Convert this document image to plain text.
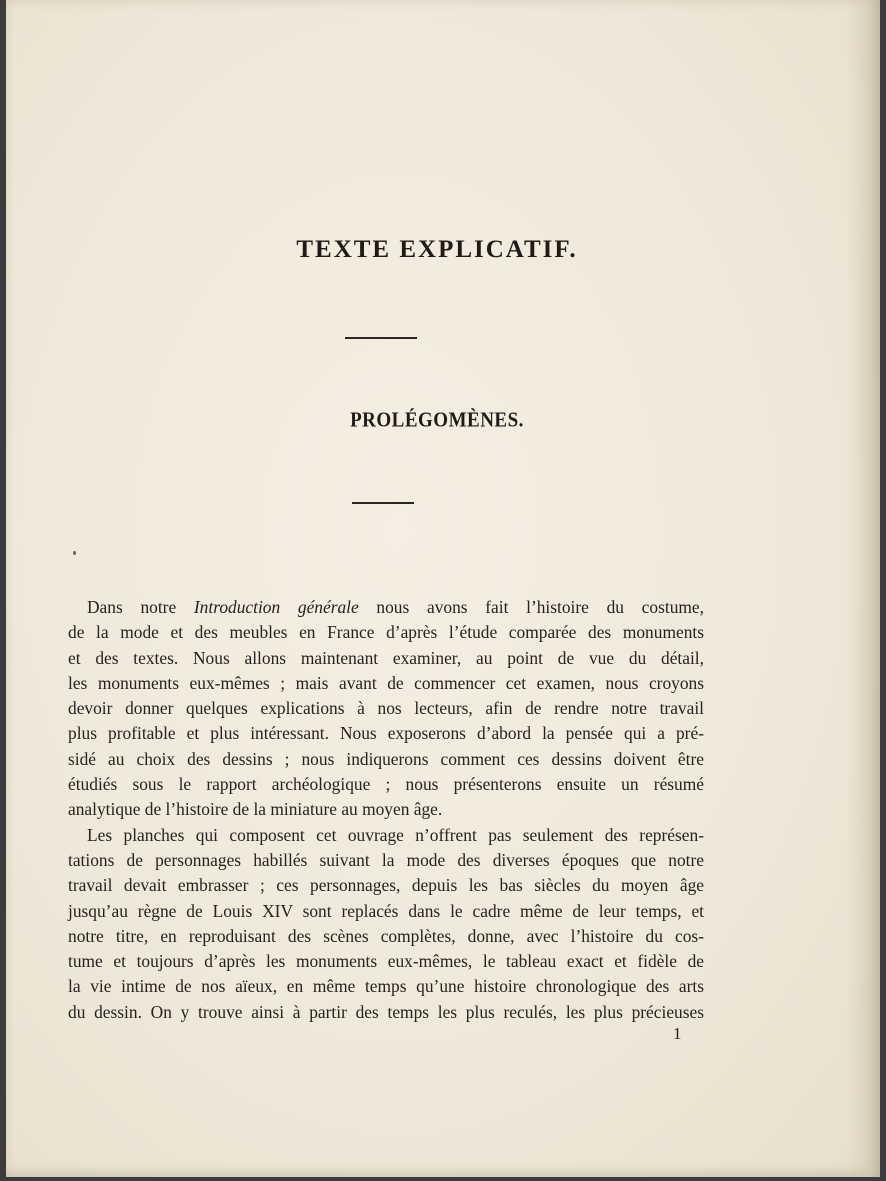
TEXTE EXPLICATIF.
PROLÉGOMÈNES.
Dans notre Introduction générale nous avons fait l’histoire du costume,
de la mode et des meubles en France d’après l’étude comparée des monuments
et des textes. Nous allons maintenant examiner, au point de vue du détail,
les monuments eux-mêmes ; mais avant de commencer cet examen, nous croyons
devoir donner quelques explications à nos lecteurs, afin de rendre notre travail
plus profitable et plus intéressant. Nous exposerons d’abord la pensée qui a pré-
sidé au choix des dessins ; nous indiquerons comment ces dessins doivent être
étudiés sous le rapport archéologique ; nous présenterons ensuite un résumé
analytique de l’histoire de la miniature au moyen âge.
Les planches qui composent cet ouvrage n’offrent pas seulement des représen-
tations de personnages habillés suivant la mode des diverses époques que notre
travail devait embrasser ; ces personnages, depuis les bas siècles du moyen âge
jusqu’au règne de Louis XIV sont replacés dans le cadre même de leur temps, et
notre titre, en reproduisant des scènes complètes, donne, avec l’histoire du cos-
tume et toujours d’après les monuments eux-mêmes, le tableau exact et fidèle de
la vie intime de nos aïeux, en même temps qu’une histoire chronologique des arts
du dessin. On y trouve ainsi à partir des temps les plus reculés, les plus précieuses
1
